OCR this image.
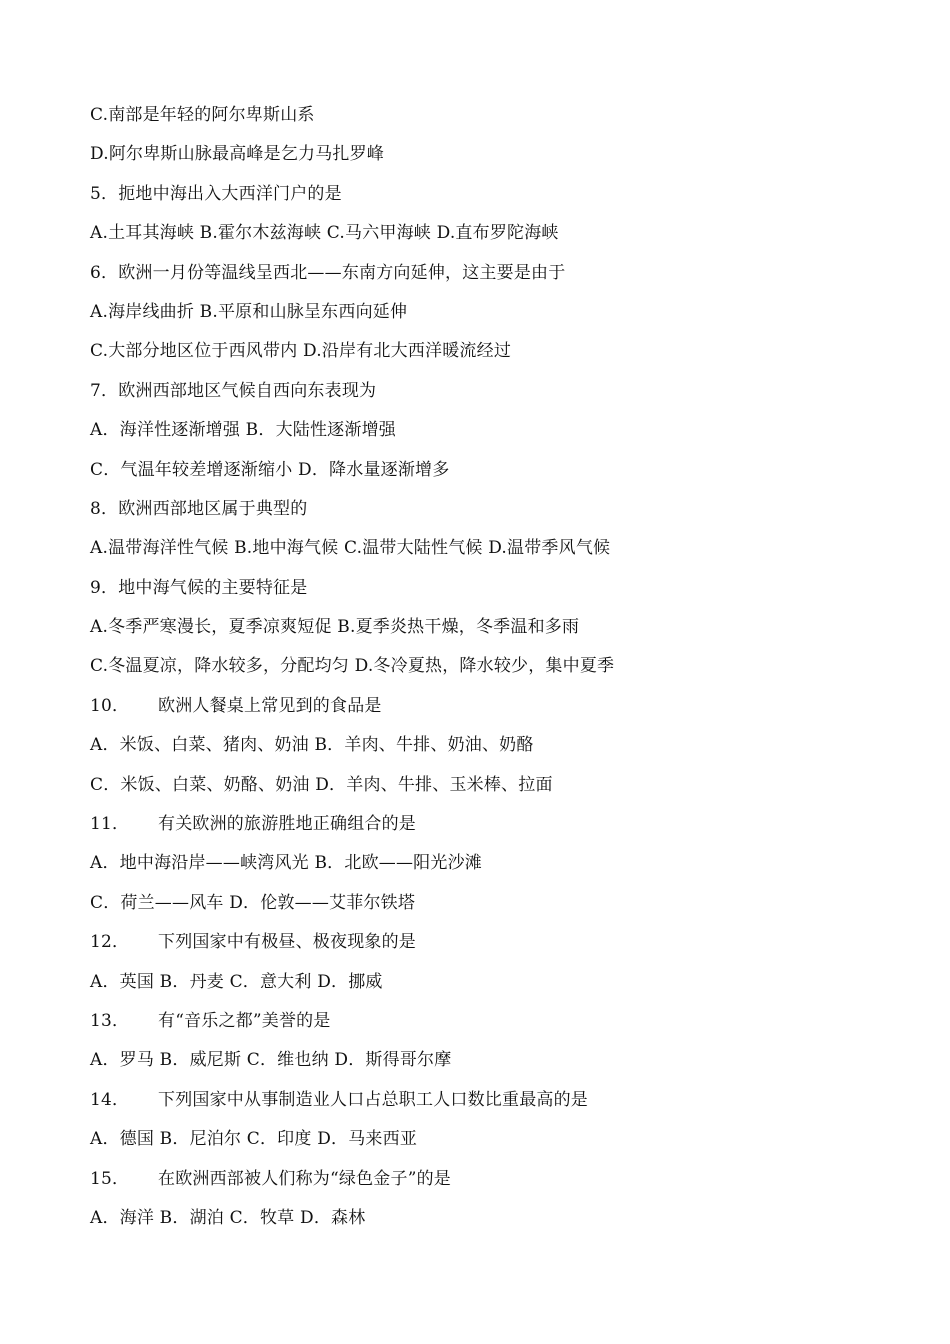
C.南部是年轻的阿尔卑斯山系
D.阿尔卑斯山脉最高峰是乞力马扎罗峰
5．扼地中海出入大西洋门户的是
A.土耳其海峡 B.霍尔木兹海峡 C.马六甲海峡 D.直布罗陀海峡
6．欧洲一月份等温线呈西北——东南方向延伸，这主要是由于
A.海岸线曲折 B.平原和山脉呈东西向延伸
C.大部分地区位于西风带内 D.沿岸有北大西洋暖流经过
7．欧洲西部地区气候自西向东表现为
A．海洋性逐渐增强 B．大陆性逐渐增强
C．气温年较差增逐渐缩小 D．降水量逐渐增多
8．欧洲西部地区属于典型的
A.温带海洋性气候 B.地中海气候 C.温带大陆性气候 D.温带季风气候
9．地中海气候的主要特征是
A.冬季严寒漫长，夏季凉爽短促 B.夏季炎热干燥，冬季温和多雨
C.冬温夏凉，降水较多，分配均匀 D.冬冷夏热，降水较少，集中夏季
10． 欧洲人餐桌上常见到的食品是
A．米饭、白菜、猪肉、奶油 B．羊肉、牛排、奶油、奶酪
C．米饭、白菜、奶酪、奶油 D．羊肉、牛排、玉米棒、拉面
11． 有关欧洲的旅游胜地正确组合的是
A．地中海沿岸——峡湾风光 B．北欧——阳光沙滩
C．荷兰——风车 D．伦敦——艾菲尔铁塔
12． 下列国家中有极昼、极夜现象的是
A．英国 B．丹麦 C．意大利 D．挪威
13． 有“音乐之都”美誉的是
A．罗马 B．威尼斯 C．维也纳 D．斯得哥尔摩
14． 下列国家中从事制造业人口占总职工人口数比重最高的是
A．德国 B．尼泊尔 C．印度 D．马来西亚
15． 在欧洲西部被人们称为“绿色金子”的是
A．海洋 B．湖泊 C．牧草 D．森林
